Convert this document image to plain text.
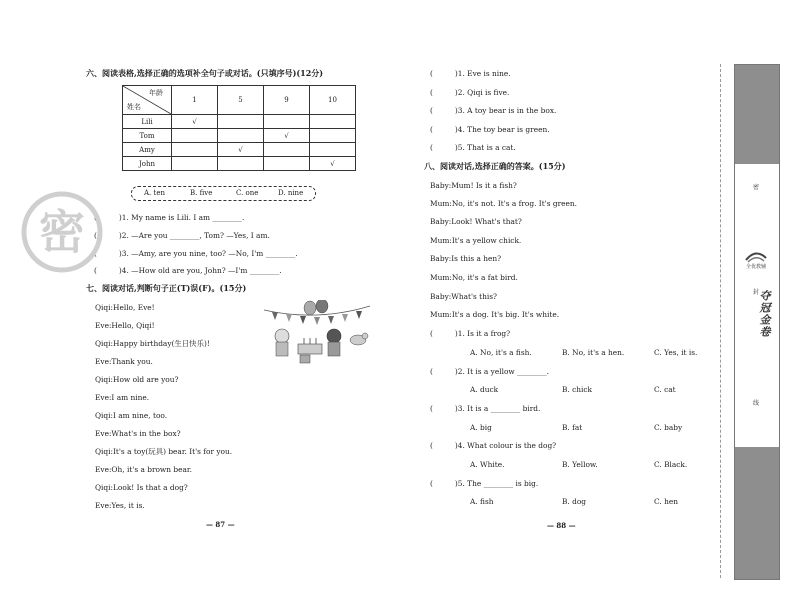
六、阅读表格,选择正确的选项补全句子或对话。(只填序号)(12分)
年龄
姓名	1	5	9	10
Lili	√			
Tom			√	
Amy		√		
John				√
A. ten	B. five	C. one	D. nine
(	)1. My name is Lili. I am ________.
(	)2. —Are you ________, Tom? —Yes, I am.
(	)3. —Amy, are you nine, too? —No, I'm ________.
(	)4. —How old are you, John? —I'm ________.
七、阅读对话,判断句子正(T)误(F)。(15分)
Qiqi:Hello, Eve!
Eve:Hello, Qiqi!
Qiqi:Happy birthday(生日快乐)!
Eve:Thank you.
Qiqi:How old are you?
Eve:I am nine.
Qiqi:I am nine, too.
Eve:What's in the box?
Qiqi:It's a toy(玩具) bear. It's for you.
Eve:Oh, it's a brown bear.
Qiqi:Look! Is that a dog?
Eve:Yes, it is.
密
— 87 —
(	)1. Eve is nine.
(	)2. Qiqi is five.
(	)3. A toy bear is in the box.
(	)4. The toy bear is green.
(	)5. That is a cat.
八、阅读对话,选择正确的答案。(15分)
Baby:Mum! Is it a fish?
Mum:No, it's not. It's a frog. It's green.
Baby:Look! What's that?
Mum:It's a yellow chick.
Baby:Is this a hen?
Mum:No, it's a fat bird.
Baby:What's this?
Mum:It's a dog. It's big. It's white.
(	)1. Is it a frog?
A. No, it's a fish.	B. No, it's a hen.	C. Yes, it is.
(	)2. It is a yellow ________.
A. duck	B. chick	C. cat
(	)3. It is a ________ bird.
A. big	B. fat	C. baby
(	)4. What colour is the dog?
A. White.	B. Yellow.	C. Black.
(	)5. The ________ is big.
A. fish	B. dog	C. hen
— 88 —
密
封
线
全优教辅
夺冠金卷
